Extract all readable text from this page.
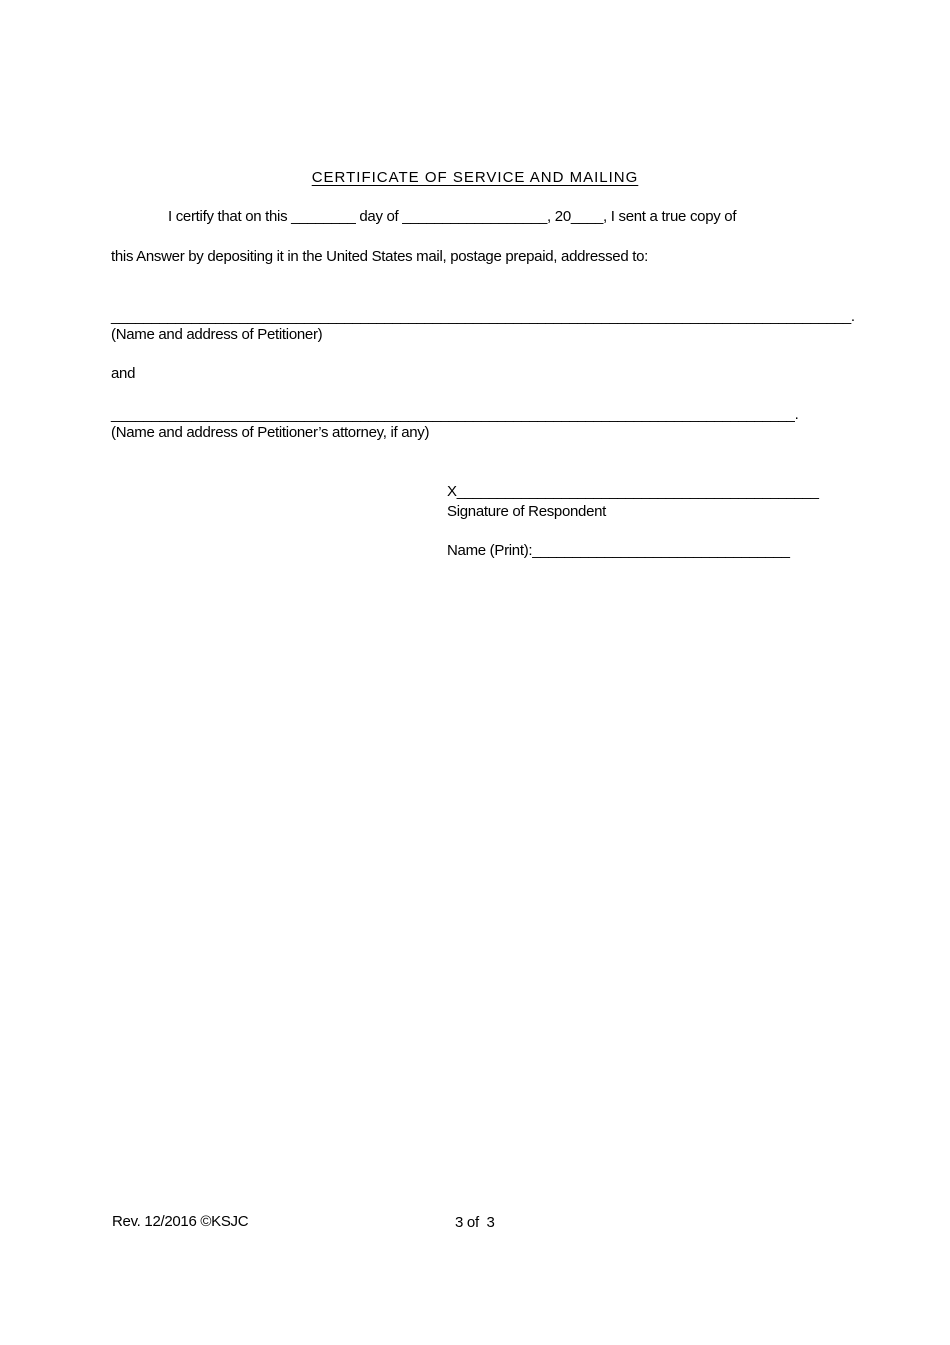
CERTIFICATE OF SERVICE AND MAILING
I certify that on this ________ day of __________________, 20____, I sent a true copy of
this Answer by depositing it in the United States mail, postage prepaid, addressed to:
____________________________________________________________________________________________.
(Name and address of Petitioner)
and
_____________________________________________________________________________________.
(Name and address of Petitioner’s attorney, if any)
X_____________________________________________
Signature of Respondent
Name (Print):________________________________
Rev. 12/2016 ©KSJC	3 of  3
